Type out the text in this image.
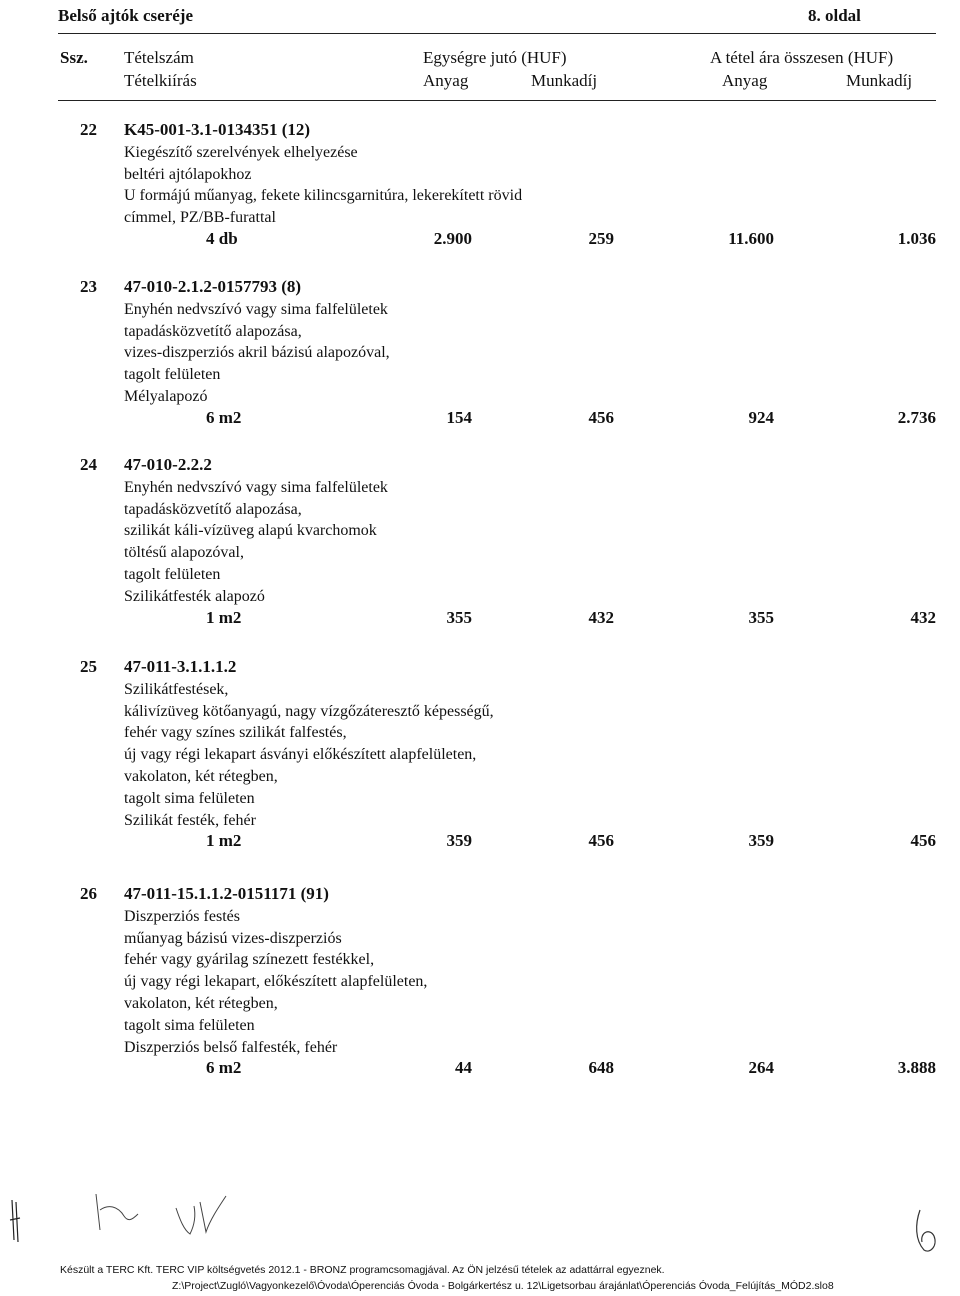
Belső ajtók cseréje	8. oldal
Ssz. Tételszám
Tételkiírás
Egységre jutó (HUF)
Anyag	Munkadíj
A tétel ára összesen (HUF)
Anyag	Munkadíj
22 K45-001-3.1-0134351 (12)
Kiegészítő szerelvények elhelyezése
beltéri ajtólapokhoz
U formájú műanyag, fekete kilincsgarnitúra, lekerekített rövid
címmel, PZ/BB-furattal
4 db	2.900	259	11.600	1.036
23 47-010-2.1.2-0157793 (8)
Enyhén nedvszívó vagy sima falfelületek
tapadásközvetítő alapozása,
vizes-diszperziós akril bázisú alapozóval,
tagolt felületen
Mélyalapozó
6 m2	154	456	924	2.736
24 47-010-2.2.2
Enyhén nedvszívó vagy sima falfelületek
tapadásközvetítő alapozása,
szilikát káli-vízüveg alapú kvarchomok
töltésű alapozóval,
tagolt felületen
Szilikátfesték alapozó
1 m2	355	432	355	432
25 47-011-3.1.1.1.2
Szilikátfestések,
kálivízüveg kötőanyagú, nagy vízgőzáteresztő képességű,
fehér vagy színes szilikát falfestés,
új vagy régi lekapart ásványi előkészített alapfelületen,
vakolaton, két rétegben,
tagolt sima felületen
Szilikát festék, fehér
1 m2	359	456	359	456
26 47-011-15.1.1.2-0151171 (91)
Diszperziós festés
műanyag bázisú vizes-diszperziós
fehér vagy gyárilag színezett festékkel,
új vagy régi lekapart, előkészített alapfelületen,
vakolaton, két rétegben,
tagolt sima felületen
Diszperziós belső falfesték, fehér
6 m2	44	648	264	3.888
Készült a TERC Kft. TERC VIP költségvetés 2012.1 - BRONZ programcsomagjával. Az ÖN jelzésű tételek az adattárral egyeznek.
Z:\Project\Zugló\Vagyonkezelő\Óvoda\Óperenciás Óvoda - Bolgárkertész u. 12\Ligetsorbau árajánlat\Óperenciás Óvoda_Felújítás_MÓD2.slo8
